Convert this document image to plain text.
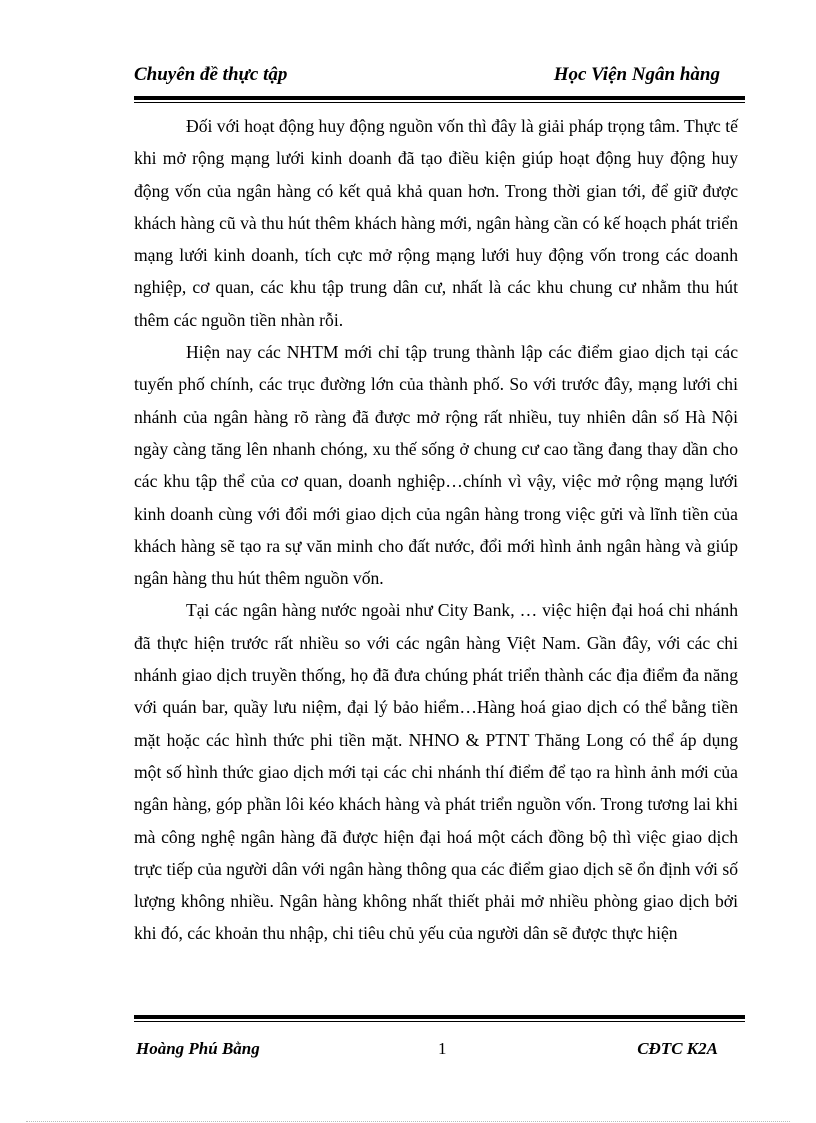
Chuyên đề thực tập	Học Viện Ngân hàng

Đối với hoạt động huy động nguồn vốn thì đây là giải pháp trọng tâm. Thực tế khi mở rộng mạng lưới kinh doanh đã tạo điều kiện giúp hoạt động huy động huy động vốn của ngân hàng có kết quả khả quan hơn. Trong thời gian tới, để giữ được khách hàng cũ và thu hút thêm khách hàng mới, ngân hàng cần có kế hoạch phát triển mạng lưới kinh doanh, tích cực mở rộng mạng lưới huy động vốn trong các doanh nghiệp, cơ quan, các khu tập trung dân cư, nhất là các khu chung cư nhằm thu hút thêm các nguồn tiền nhàn rỗi.

Hiện nay các NHTM mới chỉ tập trung thành lập các điểm giao dịch tại các tuyến phố chính, các trục đường lớn của thành phố. So với trước đây, mạng lưới chi nhánh của ngân hàng rõ ràng đã được mở rộng rất nhiều, tuy nhiên dân số Hà Nội ngày càng tăng lên nhanh chóng, xu thế sống ở chung cư cao tầng đang thay dần cho các khu tập thể của cơ quan, doanh nghiệp…chính vì vậy, việc mở rộng mạng lưới kinh doanh cùng với đổi mới giao dịch của ngân hàng trong việc gửi và lĩnh tiền của khách hàng sẽ tạo ra sự văn minh cho đất nước, đổi mới hình ảnh ngân hàng và giúp ngân hàng thu hút thêm nguồn vốn.

Tại các ngân hàng nước ngoài như City Bank, … việc hiện đại hoá chi nhánh đã thực hiện trước rất nhiều so với các ngân hàng Việt Nam. Gần đây, với các chi nhánh giao dịch truyền thống, họ đã đưa chúng phát triển thành các địa điểm đa năng với quán bar, quầy lưu niệm, đại lý bảo hiểm…Hàng hoá giao dịch có thể bằng tiền mặt hoặc các hình thức phi tiền mặt. NHNO & PTNT Thăng Long có thể áp dụng một số hình thức giao dịch mới tại các chi nhánh thí điểm để tạo ra hình ảnh mới của ngân hàng, góp phần lôi kéo khách hàng và phát triển nguồn vốn. Trong tương lai khi mà công nghệ ngân hàng đã được hiện đại hoá một cách đồng bộ thì việc giao dịch trực tiếp của người dân với ngân hàng thông qua các điểm giao dịch sẽ ổn định với số lượng không nhiều. Ngân hàng không nhất thiết phải mở nhiều phòng giao dịch bởi khi đó, các khoản thu nhập, chi tiêu chủ yếu của người dân sẽ được thực hiện

Hoàng Phú Bằng	1	CĐTC K2A
